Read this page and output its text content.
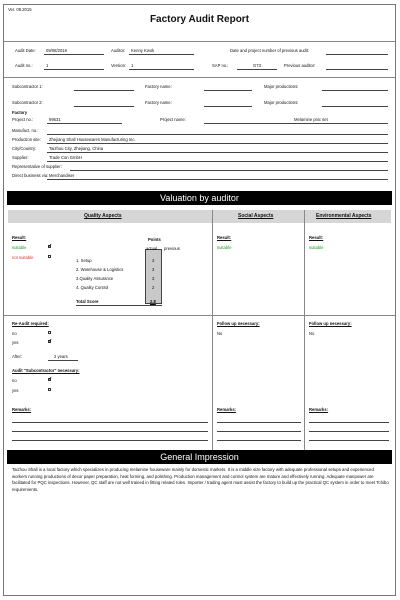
Ver. 08.2015
Factory Audit Report
Audit Date: 09/08/2016	Auditor: Kenny Kwok	Date and project number of previous audit:
Audit no.:	1	Version: 1	SAP no.:	G73	Previous auditor:
Subcontractor 1:	Factory name:	Major productions:
Subcontractor 2:	Factory name:	Major productions:
Factory
Project no.:	99531	Project name:	Melamine pnic set
Manufact. no.:
Production site: Zhejiang Shall Housewares Manufacturing Inc.
City/Country:	Taizhou City, Zhejiang, China
Supplier:	Trade Con GmbH
Representative of supplier:
Direct business via: Merchandiser
Valuation by auditor
Quality Aspects	Social Aspects	Environmental Aspects
Result:
suitable	✔
not suitable
Points
actual previous
1. Setup	3
2. Warehouse & Logistics	3
3.Quality Assurance	3
4. Quality Control	2
Total Score	2.8
Result:
suitable
Result:
suitable
Re-Audit required:
no
yes	✔
After:	2 years
Audit "Subcontractor" necessary:
no	✔
yes
Follow up necessary:
No
Follow up necessary:
No
Remarks:	Remarks:	Remarks:
General Impression
Taizhou Shall is a local factory which specializes in producing melamine houseware mainly for domestic markets. It is a middle size factory with adequate professional setups and experienced workers running productions of decor paper preparation, heat forming, and polishing. Production management and control system are mature and effectively running. Adequate manpower are facilitated for PQC inspections. However, QC staff are not well trained in fitting related roles. Importer / trading agent must assist the factory to build up the practical QC system in order to meet Tchibo requirements.
